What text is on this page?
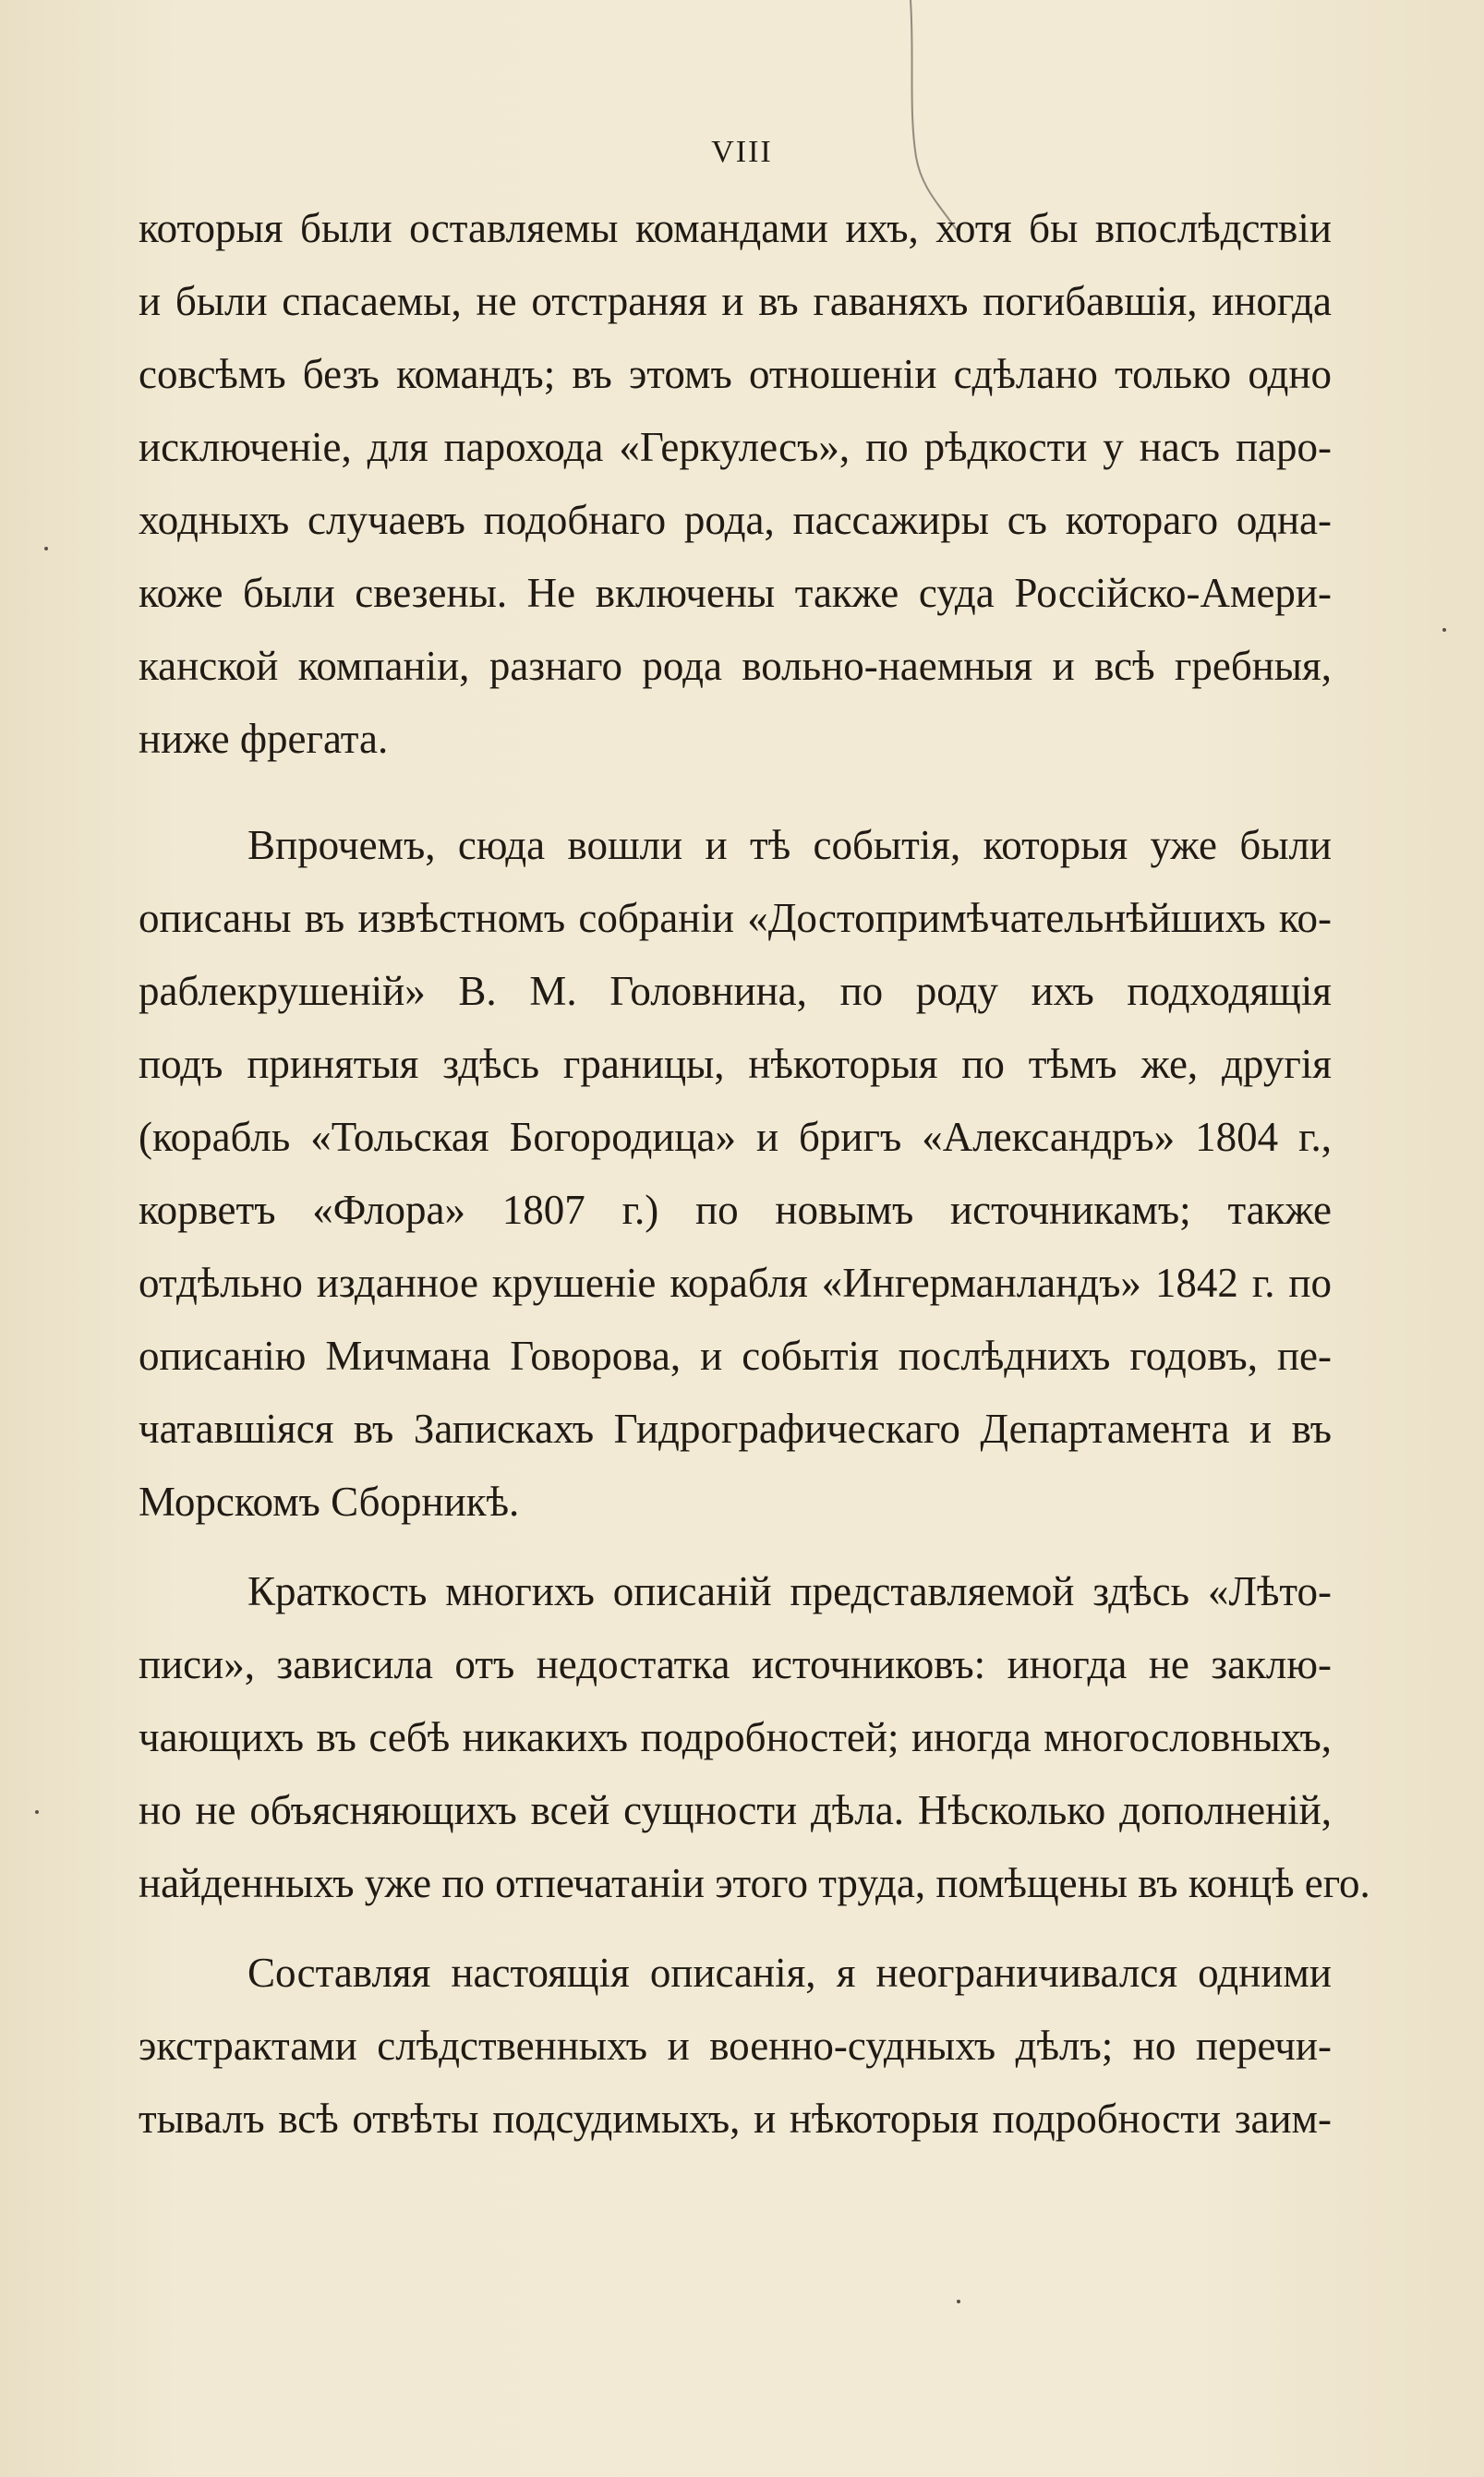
VIII
которыя были оставляемы командами ихъ, хотя бы впослѣдствіи
и были спасаемы, не отстраняя и въ гаваняхъ погибавшія, иногда
совсѣмъ безъ командъ; въ этомъ отношеніи сдѣлано только одно
исключеніе, для парохода «Геркулесъ», по рѣдкости у насъ паро-
ходныхъ случаевъ подобнаго рода, пассажиры съ котораго одна-
коже были свезены. Не включены также суда Россійско-Амери-
канской компаніи, разнаго рода вольно-наемныя и всѣ гребныя,
ниже фрегата.
Впрочемъ, сюда вошли и тѣ событія, которыя уже были
описаны въ извѣстномъ собраніи «Достопримѣчательнѣйшихъ ко-
раблекрушеній» В. М. Головнина, по роду ихъ подходящія
подъ принятыя здѣсь границы, нѣкоторыя по тѣмъ же, другія
(корабль «Тольская Богородица» и бригъ «Александръ» 1804 г.,
корветъ «Флора» 1807 г.) по новымъ источникамъ; также
отдѣльно изданное крушеніе корабля «Ингерманландъ» 1842 г. по
описанію Мичмана Говорова, и событія послѣднихъ годовъ, пе-
чатавшіяся въ Запискахъ Гидрографическаго Департамента и въ
Морскомъ Сборникѣ.
Краткость многихъ описаній представляемой здѣсь «Лѣто-
писи», зависила отъ недостатка источниковъ: иногда не заклю-
чающихъ въ себѣ никакихъ подробностей; иногда многословныхъ,
но не объясняющихъ всей сущности дѣла. Нѣсколько дополненій,
найденныхъ уже по отпечатаніи этого труда, помѣщены въ концѣ его.
Составляя настоящія описанія, я неограничивался одними
экстрактами слѣдственныхъ и военно-судныхъ дѣлъ; но перечи-
тывалъ всѣ отвѣты подсудимыхъ, и нѣкоторыя подробности заим-
